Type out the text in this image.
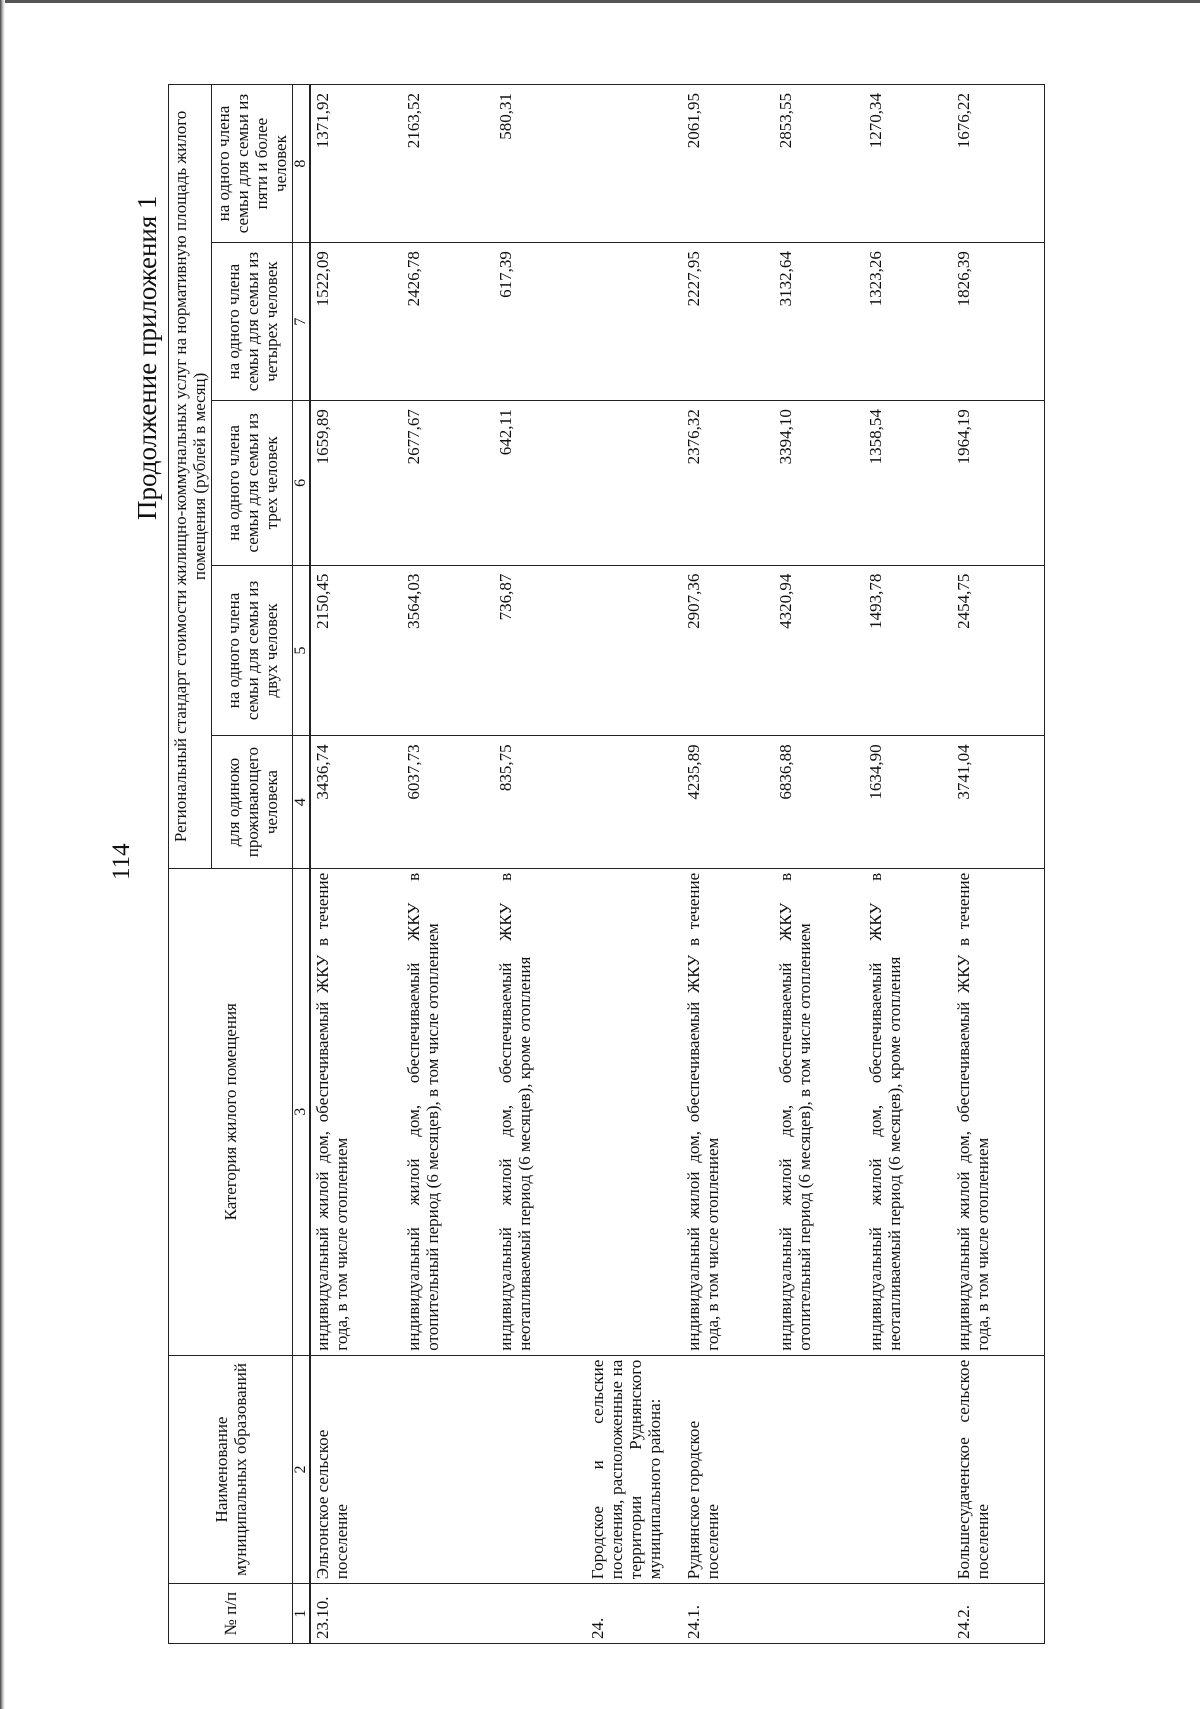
114
Продолжение приложения 1
№ п/п	Наименование муниципальных образований	Категория жилого помещения	Региональный стандарт стоимости жилищно-коммунальных услуг на нормативную площадь жилого помещения (рублей в месяц)				
			для одиноко проживающего человека	на одного члена семьи для семьи из двух человек	на одного члена семьи для семьи из трех человек	на одного члена семьи для семьи из четырех человек	на одного члена семьи для семьи из пяти и более человек
1	2	3	4	5	6	7	8
23.10.	Эльтонское сельское поселение	индивидуальный жилой дом, обеспечиваемый ЖКУ в течение года, в том числе отоплением	3436,74	2150,45	1659,89	1522,09	1371,92
		индивидуальный жилой дом, обеспечиваемый ЖКУ в отопительный период (6 месяцев), в том числе отоплением	6037,73	3564,03	2677,67	2426,78	2163,52
		индивидуальный жилой дом, обеспечиваемый ЖКУ в неотапливаемый период (6 месяцев), кроме отопления	835,75	736,87	642,11	617,39	580,31
24.	Городское и сельские поселения, расположенные на территории Руднянского муниципального района:						
24.1.	Руднянское городское поселение	индивидуальный жилой дом, обеспечиваемый ЖКУ в течение года, в том числе отоплением	4235,89	2907,36	2376,32	2227,95	2061,95
		индивидуальный жилой дом, обеспечиваемый ЖКУ в отопительный период (6 месяцев), в том числе отоплением	6836,88	4320,94	3394,10	3132,64	2853,55
		индивидуальный жилой дом, обеспечиваемый ЖКУ в неотапливаемый период (6 месяцев), кроме отопления	1634,90	1493,78	1358,54	1323,26	1270,34
24.2.	Большесудаченское сельское поселение	индивидуальный жилой дом, обеспечиваемый ЖКУ в течение года, в том числе отоплением	3741,04	2454,75	1964,19	1826,39	1676,22
